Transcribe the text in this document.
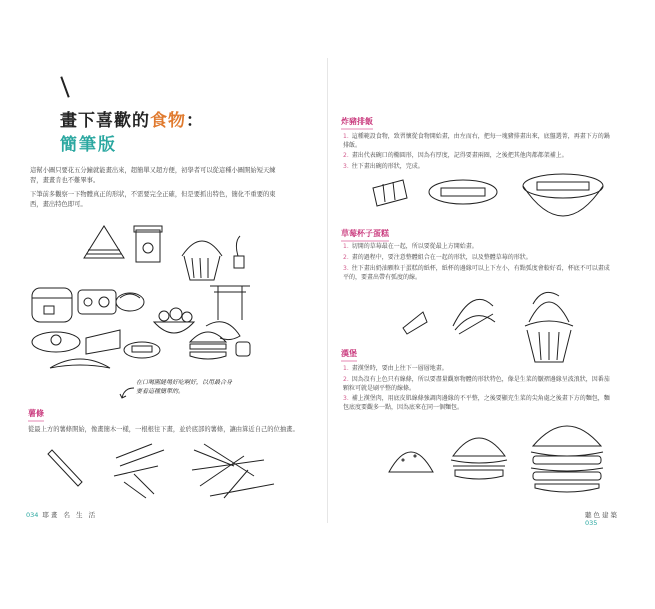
畫下喜歡的食物：
簡筆版
這幫小圖只要花五分鐘就能畫出來，超簡單又超方便，初學者可以從這種小圖開始短天練習，畫畫肯也不難畢事。
下筆前多觀察一下物體真正的形狀，不需要完全正確，但是要抓出特色，簡化不重要的東西，畫出特色即可。
在口喝圖縫場好吃啊好，以用最合身要看這種簡單的。
薯條
從最上方的薯條開始，像畫簡木一樣，一根根往下畫，並於底部的薯條，讓由算近自己的位抽畫。
034 耶畫 名 生 活
炸豬排飯
1. 這種範設食物，致習懷從食物開始畫，由左而右，把每一塊豬排畫出來，底盤選菁，再畫下方的鍋排飯。
2. 畫出代表碗口的橢圓形，因為有厚度，記得要畫兩圈，之後把其他肉都都架補上。
3. 往下畫出碗的形狀，完成。
草莓杯子蛋糕
1. 切開的草莓最在一起，所以要從最上方開始畫。
2. 畫的過程中，要注意整體組合在一起的形狀，以及整體草莓的形狀。
3. 往下畫出奶油顆粒于蛋糕的紙杯，紙杯的邊緣可以上下左小，有點弧度會較好看，杯底不可以畫成平的，要畫出帶有弧度的線。
漢堡
1. 畫漢堡時，要由上往下一層層地畫。
2. 因為沒有上色只有線條，所以要盡量觀察物體的形狀特色，像是生菜的皺褶邊緣呈波浪狀，因番茄顆粒可就是刷平整的線條。
3. 補上漢堡肉，用底皮肌線條強調肉邊緣的不平整，之後要顯充生菜的尖角處之後畫下方的麵包，麵包底度要觀多一點，因為底來在同一個麵包。
聽色建築035
